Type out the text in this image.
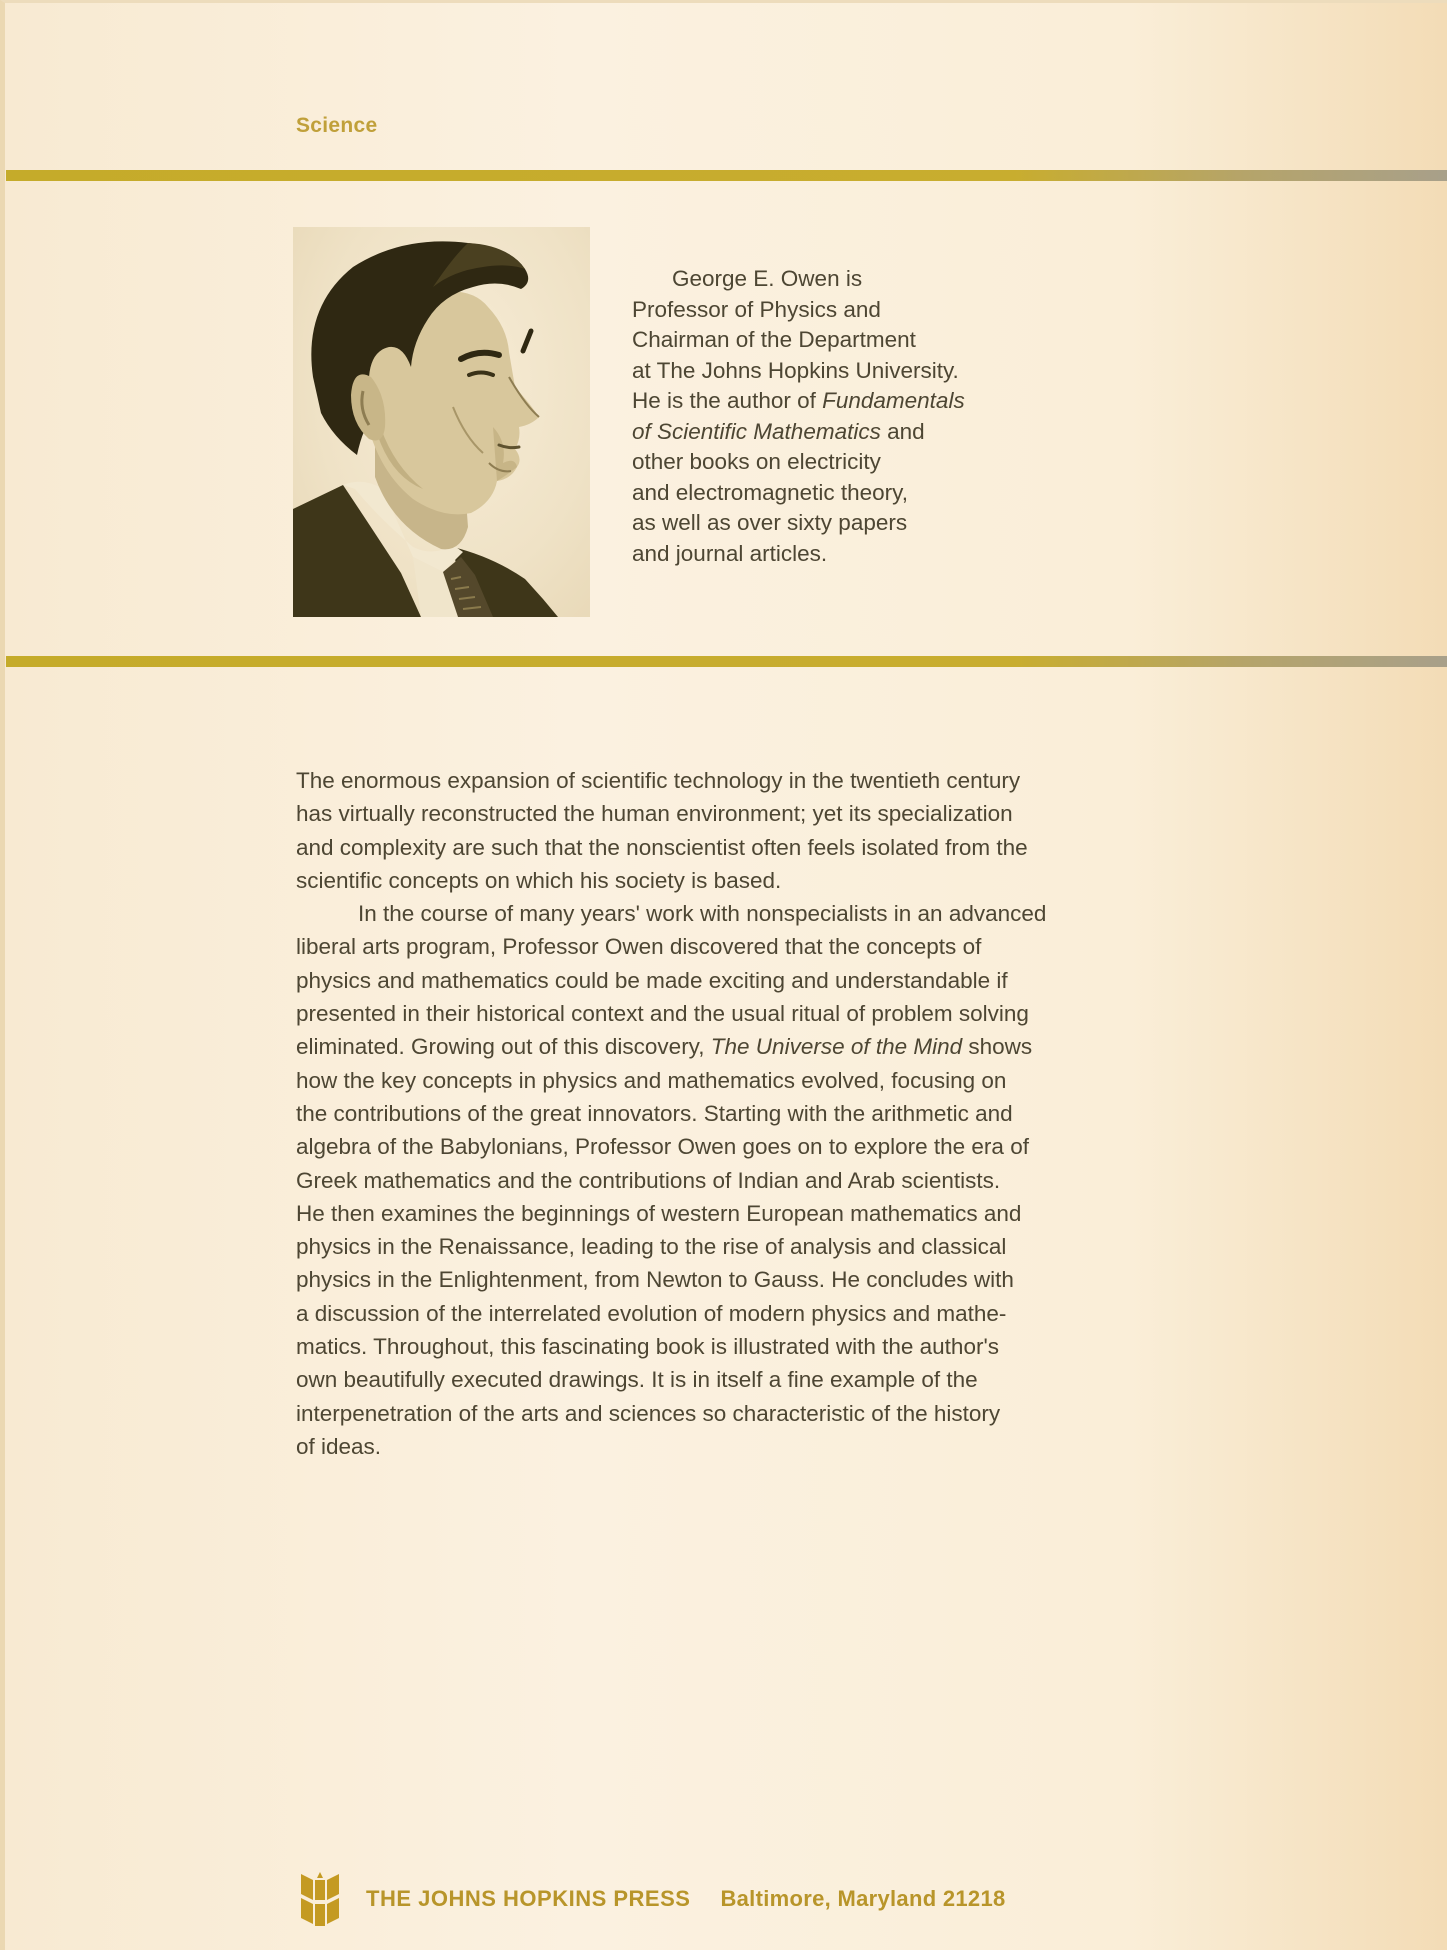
Science
George E. Owen is
Professor of Physics and
Chairman of the Department
at The Johns Hopkins University.
He is the author of Fundamentals
of Scientific Mathematics and
other books on electricity
and electromagnetic theory,
as well as over sixty papers
and journal articles.
The enormous expansion of scientific technology in the twentieth century
has virtually reconstructed the human environment; yet its specialization
and complexity are such that the nonscientist often feels isolated from the
scientific concepts on which his society is based.
In the course of many years' work with nonspecialists in an advanced
liberal arts program, Professor Owen discovered that the concepts of
physics and mathematics could be made exciting and understandable if
presented in their historical context and the usual ritual of problem solving
eliminated. Growing out of this discovery, The Universe of the Mind shows
how the key concepts in physics and mathematics evolved, focusing on
the contributions of the great innovators. Starting with the arithmetic and
algebra of the Babylonians, Professor Owen goes on to explore the era of
Greek mathematics and the contributions of Indian and Arab scientists.
He then examines the beginnings of western European mathematics and
physics in the Renaissance, leading to the rise of analysis and classical
physics in the Enlightenment, from Newton to Gauss. He concludes with
a discussion of the interrelated evolution of modern physics and mathe-
matics. Throughout, this fascinating book is illustrated with the author's
own beautifully executed drawings. It is in itself a fine example of the
interpenetration of the arts and sciences so characteristic of the history
of ideas.
THE JOHNS HOPKINS PRESS Baltimore, Maryland 21218
